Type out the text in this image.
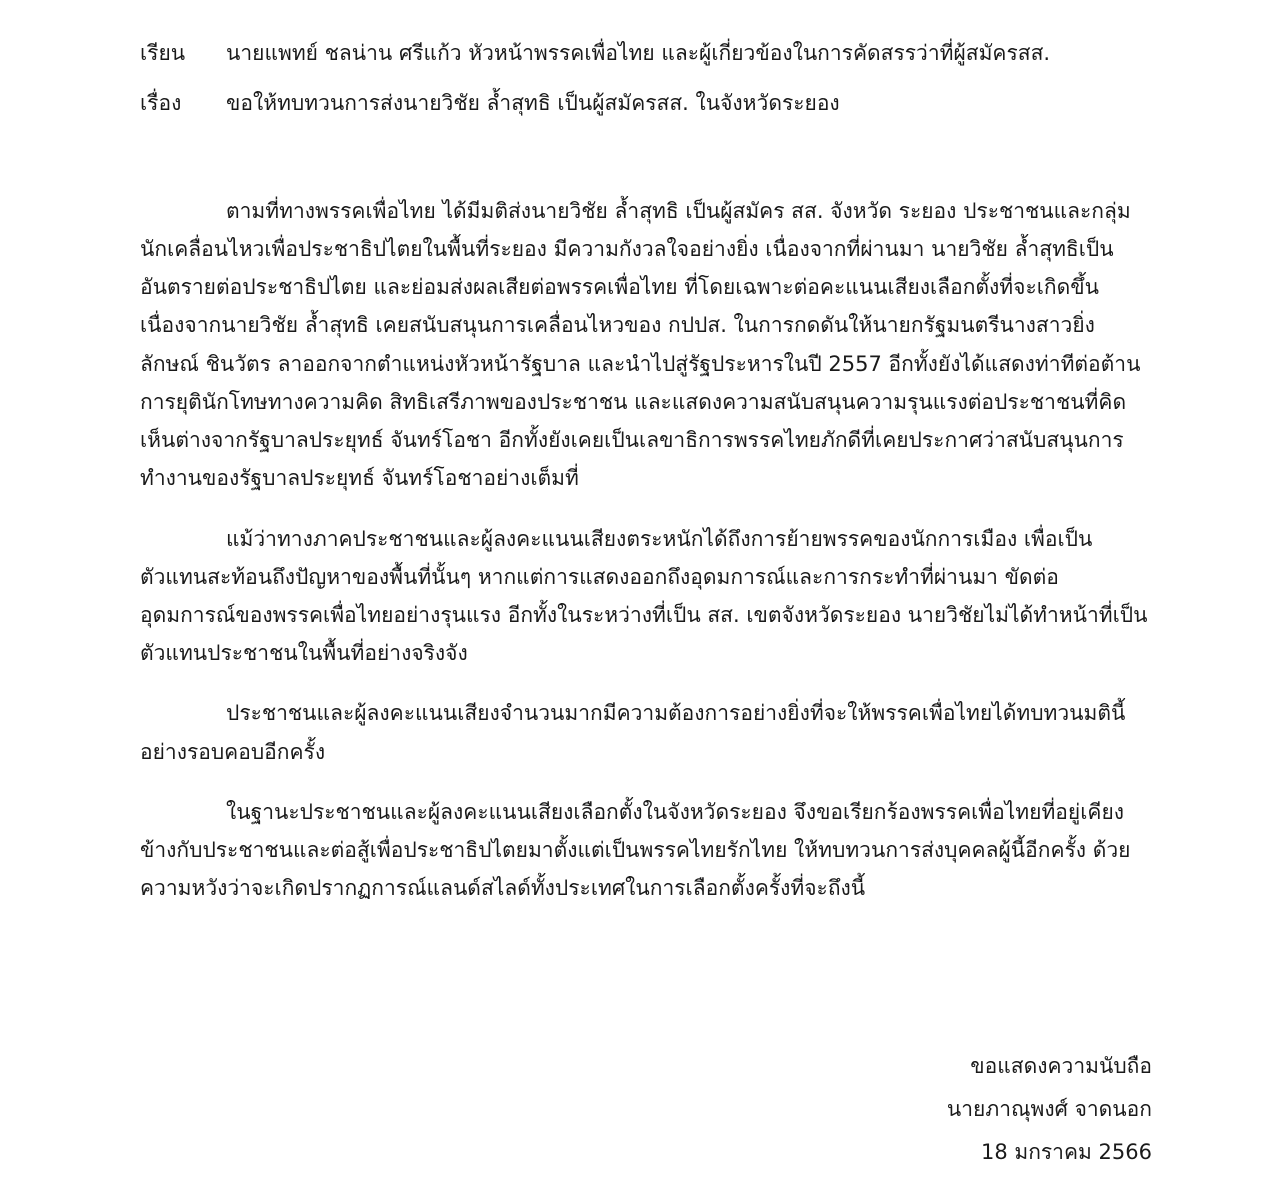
เรียน	นายแพทย์ ชลน่าน ศรีแก้ว หัวหน้าพรรคเพื่อไทย และผู้เกี่ยวข้องในการคัดสรรว่าที่ผู้สมัครสส.
เรื่อง	ขอให้ทบทวนการส่งนายวิชัย ล้ำสุทธิ เป็นผู้สมัครสส. ในจังหวัดระยอง

ตามที่ทางพรรคเพื่อไทย ได้มีมติส่งนายวิชัย ล้ำสุทธิ เป็นผู้สมัคร สส. จังหวัด ระยอง ประชาชนและกลุ่มนักเคลื่อนไหวเพื่อประชาธิปไตยในพื้นที่ระยอง มีความกังวลใจอย่างยิ่ง เนื่องจากที่ผ่านมา นายวิชัย ล้ำสุทธิเป็นอันตรายต่อประชาธิปไตย และย่อมส่งผลเสียต่อพรรคเพื่อไทย ที่โดยเฉพาะต่อคะแนนเสียงเลือกตั้งที่จะเกิดขึ้น เนื่องจากนายวิชัย ล้ำสุทธิ เคยสนับสนุนการเคลื่อนไหวของ กปปส. ในการกดดันให้นายกรัฐมนตรีนางสาวยิ่งลักษณ์ ชินวัตร ลาออกจากตำแหน่งหัวหน้ารัฐบาล และนำไปสู่รัฐประหารในปี 2557 อีกทั้งยังได้แสดงท่าทีต่อต้านการยุตินักโทษทางความคิด สิทธิเสรีภาพของประชาชน และแสดงความสนับสนุนความรุนแรงต่อประชาชนที่คิดเห็นต่างจากรัฐบาลประยุทธ์ จันทร์โอชา อีกทั้งยังเคยเป็นเลขาธิการพรรคไทยภักดีที่เคยประกาศว่าสนับสนุนการทำงานของรัฐบาลประยุทธ์ จันทร์โอชาอย่างเต็มที่

แม้ว่าทางภาคประชาชนและผู้ลงคะแนนเสียงตระหนักได้ถึงการย้ายพรรคของนักการเมือง เพื่อเป็นตัวแทนสะท้อนถึงปัญหาของพื้นที่นั้นๆ หากแต่การแสดงออกถึงอุดมการณ์และการกระทำที่ผ่านมา ขัดต่ออุดมการณ์ของพรรคเพื่อไทยอย่างรุนแรง อีกทั้งในระหว่างที่เป็น สส. เขตจังหวัดระยอง นายวิชัยไม่ได้ทำหน้าที่เป็นตัวแทนประชาชนในพื้นที่อย่างจริงจัง

ประชาชนและผู้ลงคะแนนเสียงจำนวนมากมีความต้องการอย่างยิ่งที่จะให้พรรคเพื่อไทยได้ทบทวนมตินี้อย่างรอบคอบอีกครั้ง

ในฐานะประชาชนและผู้ลงคะแนนเสียงเลือกตั้งในจังหวัดระยอง จึงขอเรียกร้องพรรคเพื่อไทยที่อยู่เคียงข้างกับประชาชนและต่อสู้เพื่อประชาธิปไตยมาตั้งแต่เป็นพรรคไทยรักไทย ให้ทบทวนการส่งบุคคลผู้นี้อีกครั้ง ด้วยความหวังว่าจะเกิดปรากฏการณ์แลนด์สไลด์ทั้งประเทศในการเลือกตั้งครั้งที่จะถึงนี้

ขอแสดงความนับถือ
นายภาณุพงศ์ จาดนอก
18 มกราคม 2566
